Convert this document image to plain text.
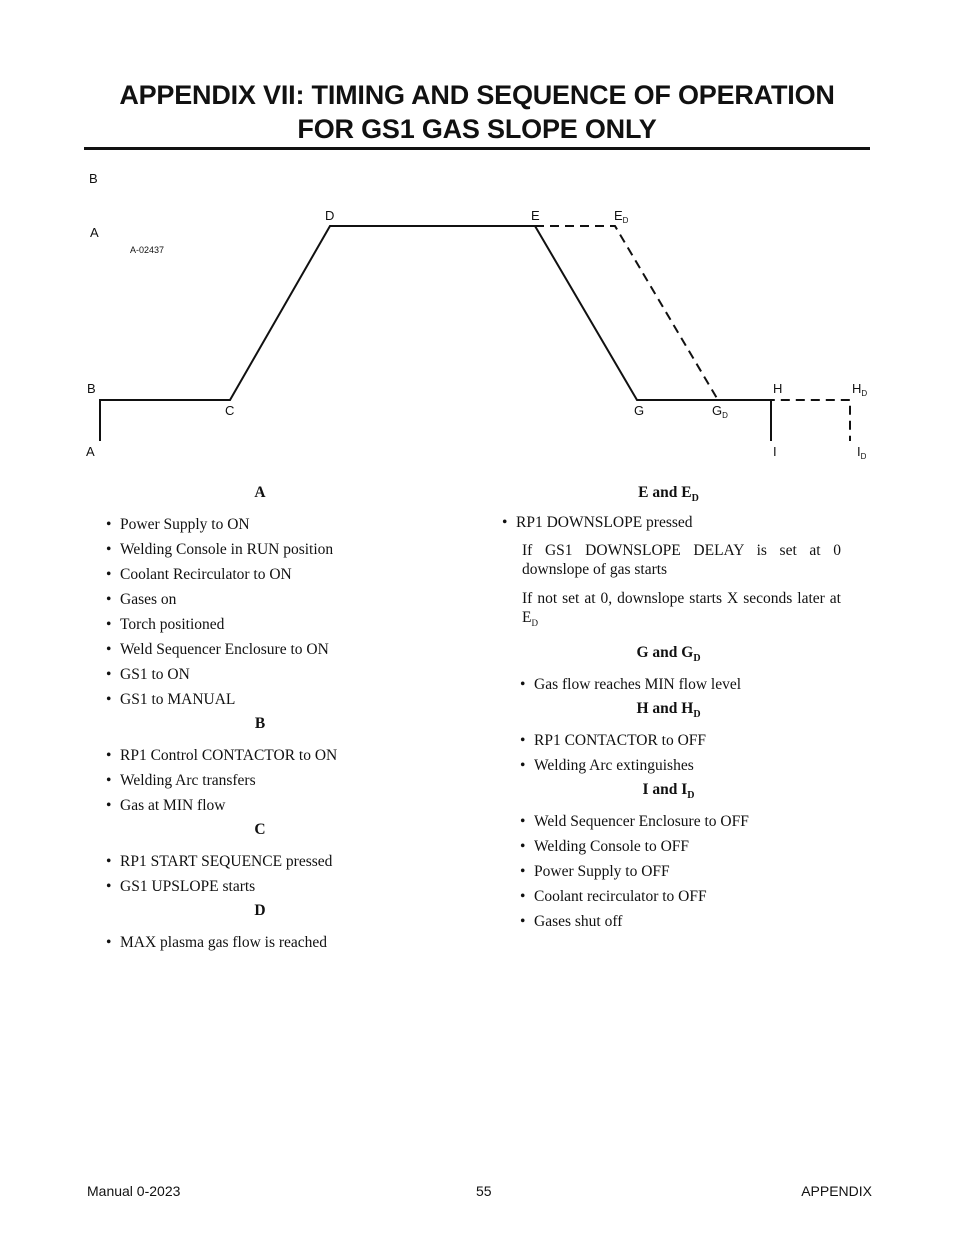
APPENDIX VII: TIMING AND SEQUENCE OF OPERATION
FOR GS1 GAS SLOPE ONLY
B
A
A-02437
D	E	$E_D$
B
C	G	$G_D$
H	$H_D$
A	I	$I_D$
A
• Power Supply to ON
• Welding Console in RUN position
• Coolant Recirculator to ON
• Gases on
• Torch positioned
• Weld Sequencer Enclosure to ON
• GS1 to ON
• GS1 to MANUAL
B
• RP1 Control CONTACTOR to ON
• Welding Arc transfers
• Gas at MIN flow
C
• RP1 START SEQUENCE pressed
• GS1 UPSLOPE starts
D
• MAX plasma gas flow is reached
E and $E_D$
• RP1 DOWNSLOPE pressed
If GS1 DOWNSLOPE DELAY is set at 0 downslope of gas starts
If not set at 0, downslope starts X seconds later at $E_D$
G and $G_D$
• Gas flow reaches MIN flow level
H and $H_D$
• RP1 CONTACTOR to OFF
• Welding Arc extinguishes
I and $I_D$
• Weld Sequencer Enclosure to OFF
• Welding Console to OFF
• Power Supply to OFF
• Coolant recirculator to OFF
• Gases shut off
Manual 0-2023	55	APPENDIX
